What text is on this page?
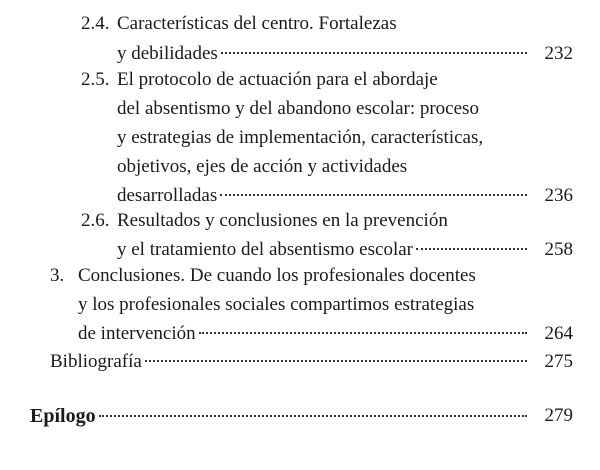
2.4. Características del centro. Fortalezas
y debilidades	232
2.5. El protocolo de actuación para el abordaje
del absentismo y del abandono escolar: proceso
y estrategias de implementación, características,
objetivos, ejes de acción y actividades
desarrolladas	236
2.6. Resultados y conclusiones en la prevención
y el tratamiento del absentismo escolar	258
3. Conclusiones. De cuando los profesionales docentes
y los profesionales sociales compartimos estrategias
de intervención	264
Bibliografía	275
Epílogo	279
